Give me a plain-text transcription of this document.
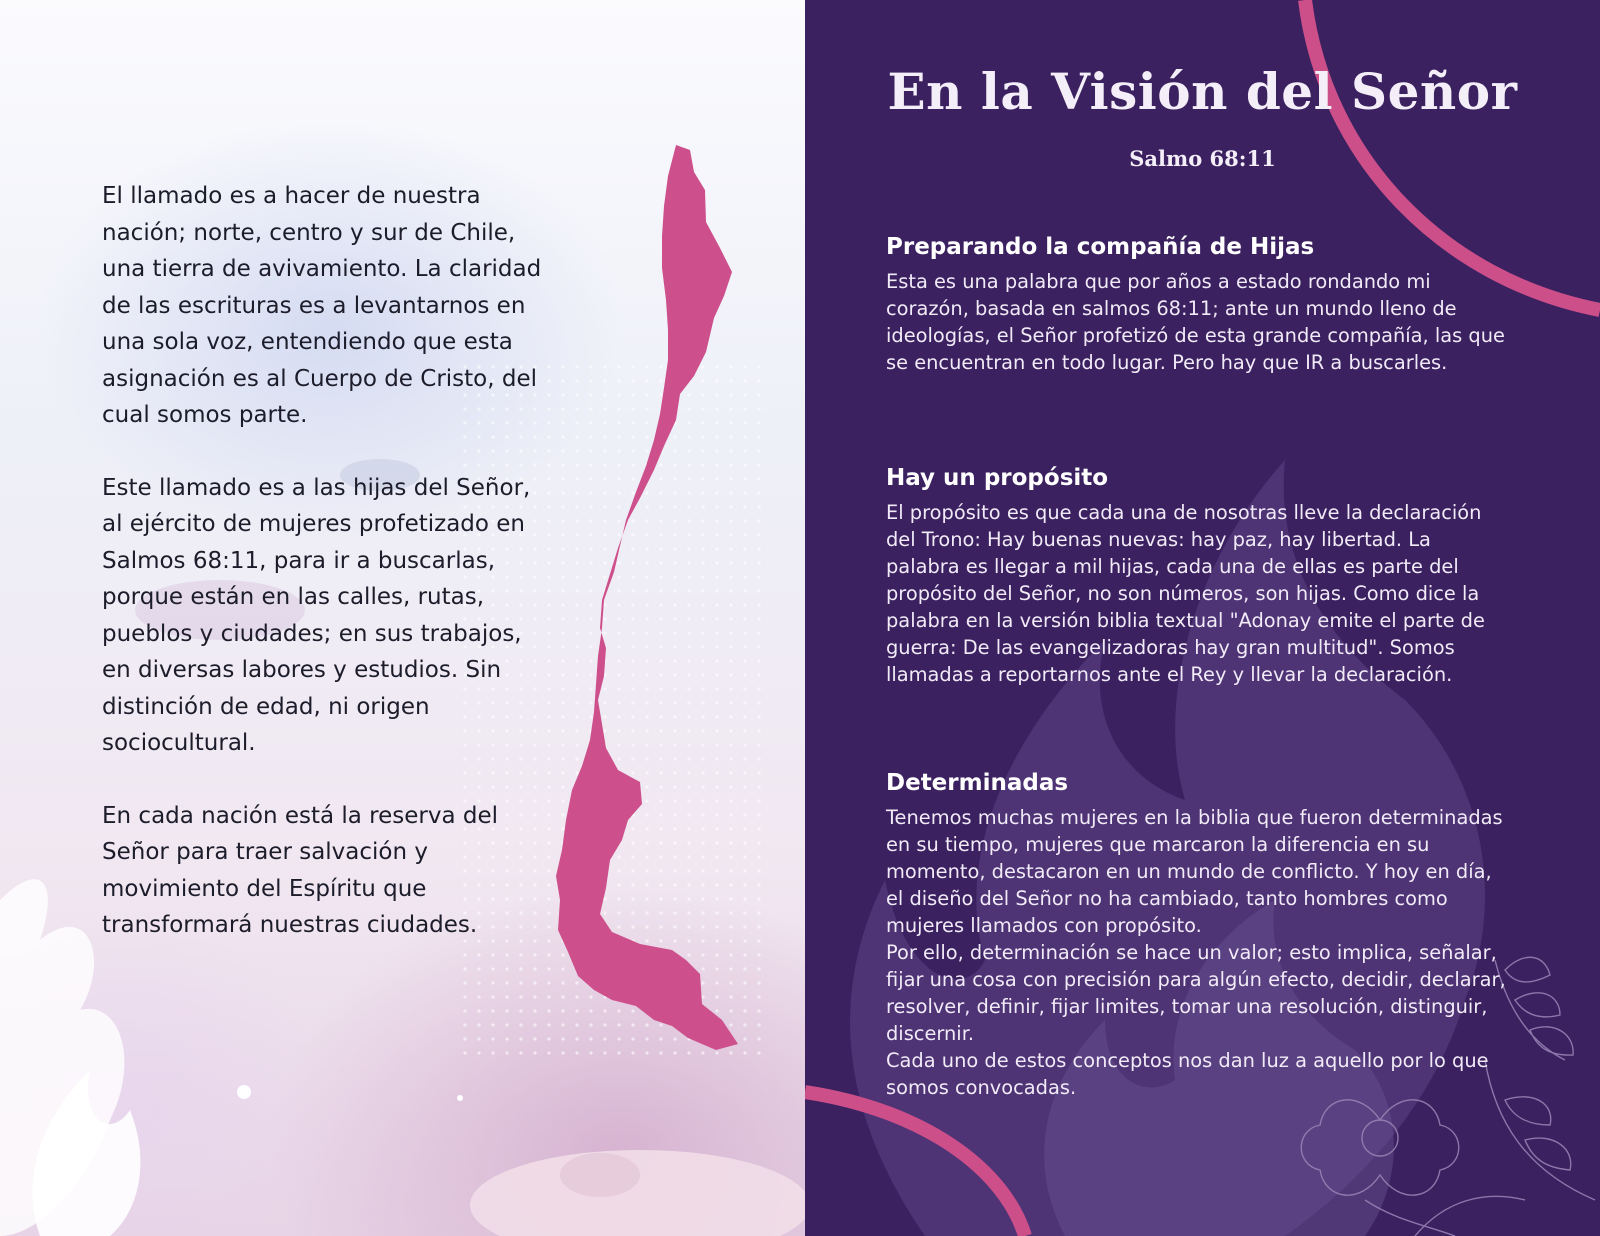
El llamado es a hacer de nuestra nación; norte, centro y sur de Chile, una tierra de avivamiento. La claridad de las escrituras es a levantarnos en una sola voz, entendiendo que esta asignación es al Cuerpo de Cristo, del cual somos parte.

Este llamado es a las hijas del Señor, al ejército de mujeres profetizado en Salmos 68:11, para ir a buscarlas, porque están en las calles, rutas, pueblos y ciudades; en sus trabajos, en diversas labores y estudios. Sin distinción de edad, ni origen sociocultural.

En cada nación está la reserva del Señor para traer salvación y movimiento del Espíritu que transformará nuestras ciudades.

En la Visión del Señor
Salmo 68:11
Preparando la compañía de Hijas

Esta es una palabra que por años a estado rondando mi corazón, basada en salmos 68:11; ante un mundo lleno de ideologías, el Señor profetizó de esta grande compañía, las que se encuentran en todo lugar. Pero hay que IR a buscarles.

Hay un propósito

El propósito es que cada una de nosotras lleve la declaración del Trono: Hay buenas nuevas: hay paz, hay libertad. La palabra es llegar a mil hijas, cada una de ellas es parte del propósito del Señor, no son números, son hijas. Como dice la palabra en la versión biblia textual "Adonay emite el parte de guerra: De las evangelizadoras hay gran multitud". Somos llamadas a reportarnos ante el Rey y llevar la declaración.

Determinadas

Tenemos muchas mujeres en la biblia que fueron determinadas en su tiempo, mujeres que marcaron la diferencia en su momento, destacaron en un mundo de conflicto. Y hoy en día, el diseño del Señor no ha cambiado, tanto hombres como mujeres llamados con propósito.
Por ello, determinación se hace un valor; esto implica, señalar, fijar una cosa con precisión para algún efecto, decidir, declarar, resolver, definir, fijar limites, tomar una resolución, distinguir, discernir.
Cada uno de estos conceptos nos dan luz a aquello por lo que somos convocadas.
